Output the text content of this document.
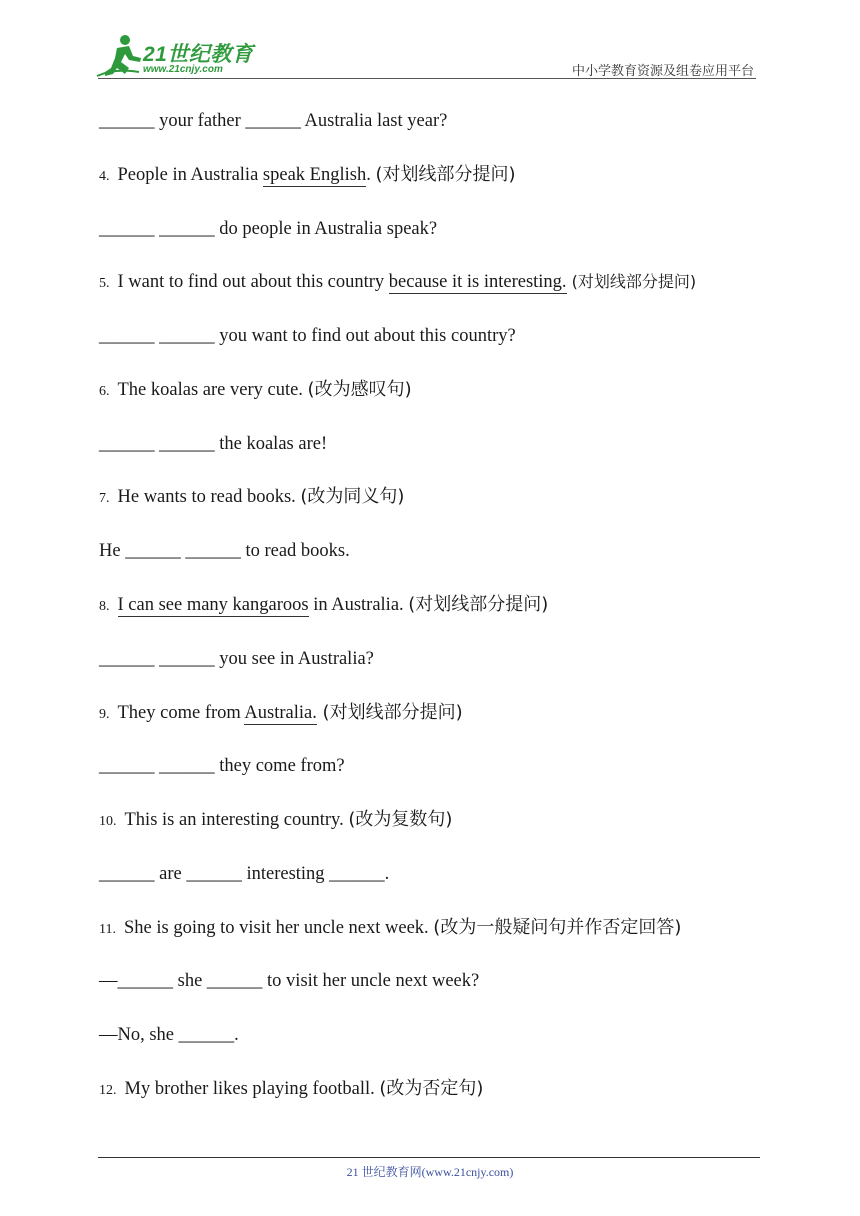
21世纪教育
www.21cnjy.com	中小学教育资源及组卷应用平台
______ your father ______ Australia last year?
4. People in Australia speak English. (对划线部分提问)
______ ______ do people in Australia speak?
5. I want to find out about this country because it is interesting. (对划线部分提问)
______ ______ you want to find out about this country?
6. The koalas are very cute. (改为感叹句)
______ ______ the koalas are!
7. He wants to read books. (改为同义句)
He ______ ______ to read books.
8. I can see many kangaroos in Australia. (对划线部分提问)
______ ______ you see in Australia?
9. They come from Australia. (对划线部分提问)
______ ______ they come from?
10. This is an interesting country. (改为复数句)
______ are ______ interesting ______.
11. She is going to visit her uncle next week. (改为一般疑问句并作否定回答)
—______ she ______ to visit her uncle next week?
—No, she ______.
12. My brother likes playing football. (改为否定句)
21 世纪教育网(www.21cnjy.com)
